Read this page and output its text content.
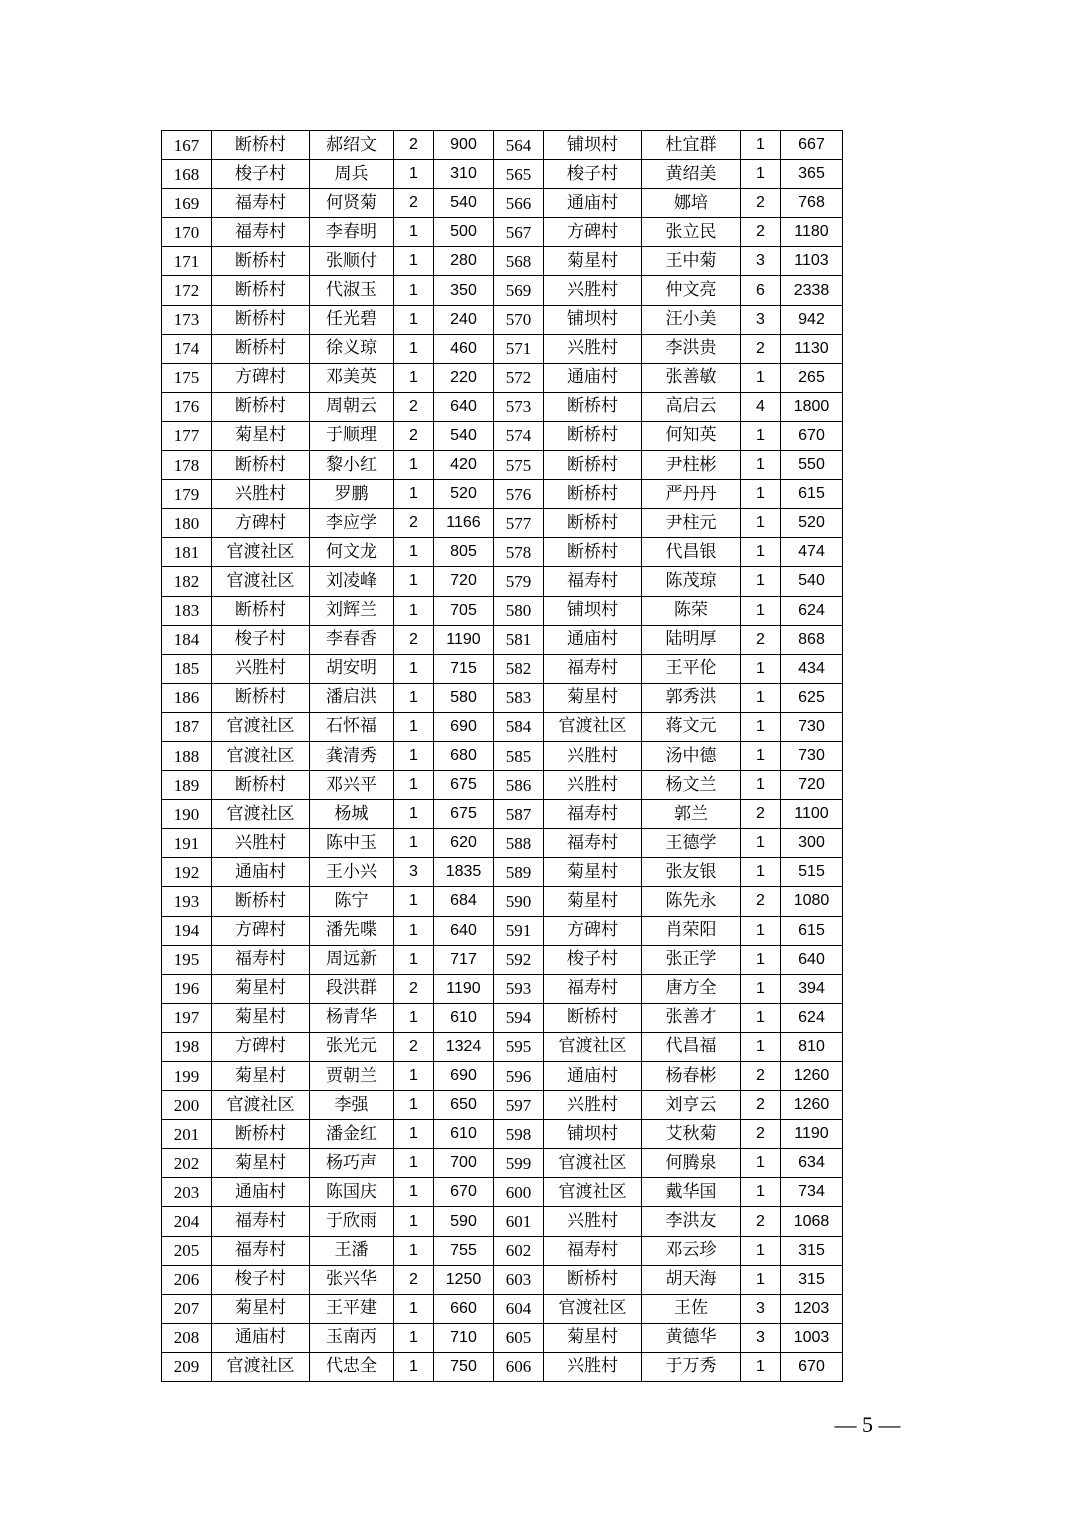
167	断桥村	郝绍文	2	900	564	铺坝村	杜宜群	1	667
168	梭子村	周兵	1	310	565	梭子村	黄绍美	1	365
169	福寿村	何贤菊	2	540	566	通庙村	娜培	2	768
170	福寿村	李春明	1	500	567	方碑村	张立民	2	1180
171	断桥村	张顺付	1	280	568	菊星村	王中菊	3	1103
172	断桥村	代淑玉	1	350	569	兴胜村	仲文亮	6	2338
173	断桥村	任光碧	1	240	570	铺坝村	汪小美	3	942
174	断桥村	徐义琼	1	460	571	兴胜村	李洪贵	2	1130
175	方碑村	邓美英	1	220	572	通庙村	张善敏	1	265
176	断桥村	周朝云	2	640	573	断桥村	高启云	4	1800
177	菊星村	于顺理	2	540	574	断桥村	何知英	1	670
178	断桥村	黎小红	1	420	575	断桥村	尹柱彬	1	550
179	兴胜村	罗鹏	1	520	576	断桥村	严丹丹	1	615
180	方碑村	李应学	2	1166	577	断桥村	尹柱元	1	520
181	官渡社区	何文龙	1	805	578	断桥村	代昌银	1	474
182	官渡社区	刘凌峰	1	720	579	福寿村	陈茂琼	1	540
183	断桥村	刘辉兰	1	705	580	铺坝村	陈荣	1	624
184	梭子村	李春香	2	1190	581	通庙村	陆明厚	2	868
185	兴胜村	胡安明	1	715	582	福寿村	王平伦	1	434
186	断桥村	潘启洪	1	580	583	菊星村	郭秀洪	1	625
187	官渡社区	石怀福	1	690	584	官渡社区	蒋文元	1	730
188	官渡社区	龚清秀	1	680	585	兴胜村	汤中德	1	730
189	断桥村	邓兴平	1	675	586	兴胜村	杨文兰	1	720
190	官渡社区	杨城	1	675	587	福寿村	郭兰	2	1100
191	兴胜村	陈中玉	1	620	588	福寿村	王德学	1	300
192	通庙村	王小兴	3	1835	589	菊星村	张友银	1	515
193	断桥村	陈宁	1	684	590	菊星村	陈先永	2	1080
194	方碑村	潘先喋	1	640	591	方碑村	肖荣阳	1	615
195	福寿村	周远新	1	717	592	梭子村	张正学	1	640
196	菊星村	段洪群	2	1190	593	福寿村	唐方全	1	394
197	菊星村	杨青华	1	610	594	断桥村	张善才	1	624
198	方碑村	张光元	2	1324	595	官渡社区	代昌福	1	810
199	菊星村	贾朝兰	1	690	596	通庙村	杨春彬	2	1260
200	官渡社区	李强	1	650	597	兴胜村	刘亨云	2	1260
201	断桥村	潘金红	1	610	598	铺坝村	艾秋菊	2	1190
202	菊星村	杨巧声	1	700	599	官渡社区	何腾泉	1	634
203	通庙村	陈国庆	1	670	600	官渡社区	戴华国	1	734
204	福寿村	于欣雨	1	590	601	兴胜村	李洪友	2	1068
205	福寿村	王潘	1	755	602	福寿村	邓云珍	1	315
206	梭子村	张兴华	2	1250	603	断桥村	胡天海	1	315
207	菊星村	王平建	1	660	604	官渡社区	王佐	3	1203
208	通庙村	玉南丙	1	710	605	菊星村	黄德华	3	1003
209	官渡社区	代忠全	1	750	606	兴胜村	于万秀	1	670
— 5 —
